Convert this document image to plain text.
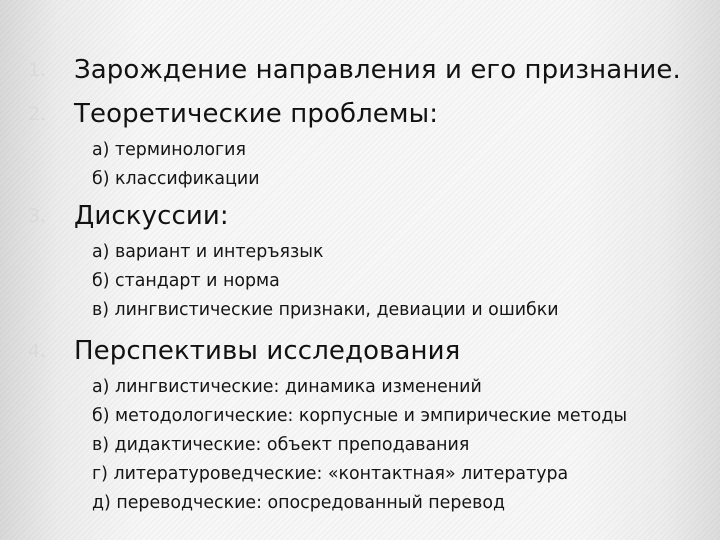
1. Зарождение направления и его признание.
2. Теоретические проблемы:
а) терминология
б) классификации
3. Дискуссии:
а) вариант и интеръязык
б) стандарт и норма
в) лингвистические признаки, девиации и ошибки
4. Перспективы исследования
а) лингвистические: динамика изменений
б) методологические: корпусные и эмпирические методы
в) дидактические: объект преподавания
г) литературоведческие: «контактная» литература
д) переводческие: опосредованный перевод
